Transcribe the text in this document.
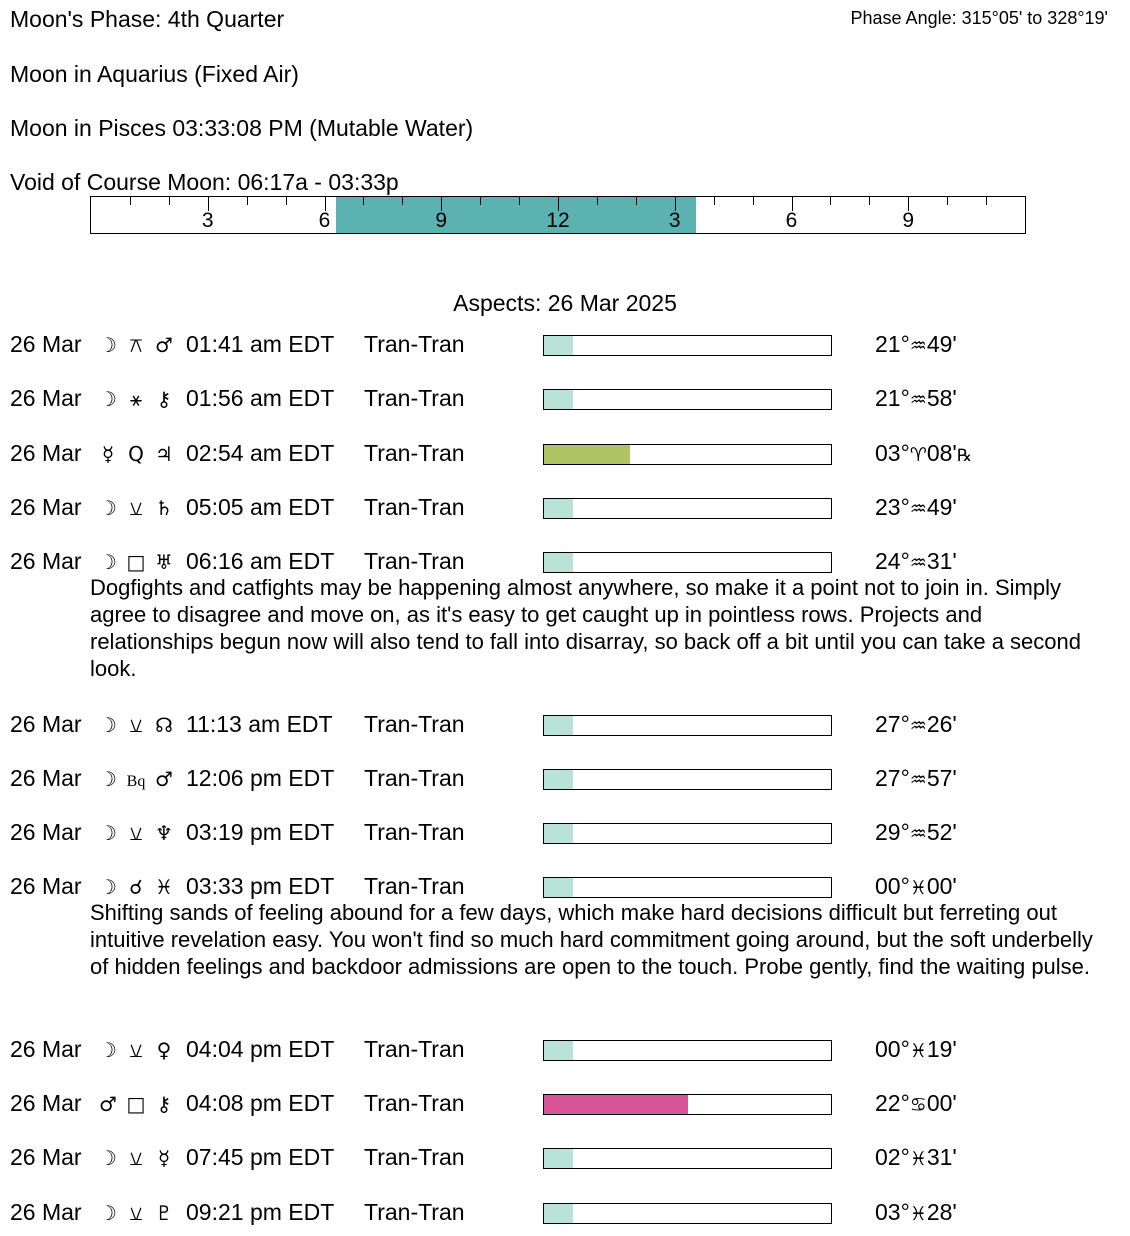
Moon's Phase: 4th Quarter	Phase Angle: 315°05' to 328°19'
Moon in Aquarius (Fixed Air)
Moon in Pisces 03:33:08 PM (Mutable Water)
Void of Course Moon: 06:17a - 03:33p
3	6	9	12	3	6	9
Aspects: 26 Mar 2025
26 Mar ☽ ⚻ ♂ 01:41 am EDT Tran-Tran	21°♒49'
26 Mar ☽ ⚹ ⚷ 01:56 am EDT Tran-Tran	21°♒58'
26 Mar	☿ Q ♃ 02:54 am EDT Tran-Tran	03°♈08'℞
26 Mar ☽ ⚺ ♄ 05:05 am EDT Tran-Tran	23°♒49'
26 Mar ☽ □ ♅ 06:16 am EDT Tran-Tran	24°♒31'
Dogfights and catfights may be happening almost anywhere, so make it a point not to join in. Simply agree to disagree and move on, as it's easy to get caught up in pointless rows. Projects and relationships begun now will also tend to fall into disarray, so back off a bit until you can take a second look.
26 Mar ☽ ⚺ ☊ 11:13 am EDT Tran-Tran	27°♒26'
26 Mar ☽ Bq ♂ 12:06 pm EDT Tran-Tran	27°♒57'
26 Mar ☽ ⚺ ♆ 03:19 pm EDT Tran-Tran	29°♒52'
26 Mar ☽ ☌ ♓ 03:33 pm EDT Tran-Tran	00°♓00'
Shifting sands of feeling abound for a few days, which make hard decisions difficult but ferreting out intuitive revelation easy. You won't find so much hard commitment going around, but the soft underbelly of hidden feelings and backdoor admissions are open to the touch. Probe gently, find the waiting pulse.
26 Mar ☽ ⚺ ♀ 04:04 pm EDT Tran-Tran	00°♓19'
26 Mar ♂ □ ⚷ 04:08 pm EDT Tran-Tran	22°♋00'
26 Mar ☽ ⚺ ☿ 07:45 pm EDT Tran-Tran	02°♓31'
26 Mar ☽ ⚺ ♇ 09:21 pm EDT Tran-Tran	03°♓28'
